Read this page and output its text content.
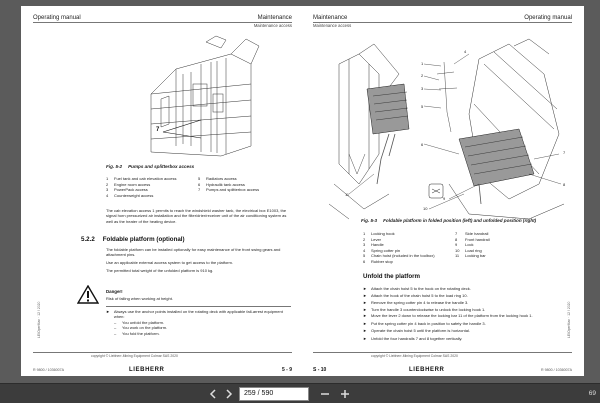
Operating manual	Maintenance
Maintenance access
7
Fig. 5-2 Pumps and splitterbox access
1	Fuel tank and cab elevation access	5	Radiators access
2	Engine room access	6	Hydraulik tank access
3	PowerPack access	7	Pumps and splitterbox access
4	Counterweight access
The cab elevation access 1 permits to reach the windshield washer tank, the electrical box E1003, the signal horn pressurized air installation and the filter/drier/receiver unit of the air conditioning system as well as the heater of the heating device.
5.2.2 Foldable platform (optional)
The foldable platform can be installed optionally for easy maintenance of the front swing gears and attachment pins.
Use an applicable external access system to get access to the platform.
The permitted total weight of the unfolded platform is 910 kg.
Danger!
Risk of falling when working at height.
► Always use the anchor points installed on the rotating deck with applicable fall-arrest equipment when:
–	You unfold the platform.
–	You work on the platform.
–	You fold the platform.
LEIOperMan · 12 / 2020
copyright © Liebherr-Mining Equipment Colmar SAS 2020
R 9800 / 1036007A	LIEBHERR	5 - 9
Maintenance	Operating manual
Maintenance access
1
2
3
4
5
6
7
8
9
10
11
Fig. 5-3 Foldable platform in folded position (left) and unfolded position (right)
1	Locking hook	7	Side handrail
2	Lever	8	Front handrail
3	Handle	9	Lock
4	Spring cotter pin	10	Load ring
5	Chain hoist (included in the toolbox)	11	Locking bar
6	Rubber stop
Unfold the platform
►	Attach the chain hoist 5 to the hook on the rotating deck.
►	Attach the hook of the chain hoist 5 to the load ring 10.
►	Remove the spring cotter pin 4 to release the handle 3.
►	Turn the handle 3 counterclockwise to unlock the locking hook 1.
►	Move the lever 2 down to release the locking bar 11 of the platform from the locking hook 1.
►	Put the spring cotter pin 4 back in position to safety the handle 3.
►	Operate the chain hoist 5 until the platform is horizontal.
►	Unfold the four handrails 7 and 8 together vertically.
LEIOperMan · 12 / 2020
copyright © Liebherr-Mining Equipment Colmar SAS 2020
S - 10	LIEBHERR	R 9800 / 1036007A
259 / 590	69
